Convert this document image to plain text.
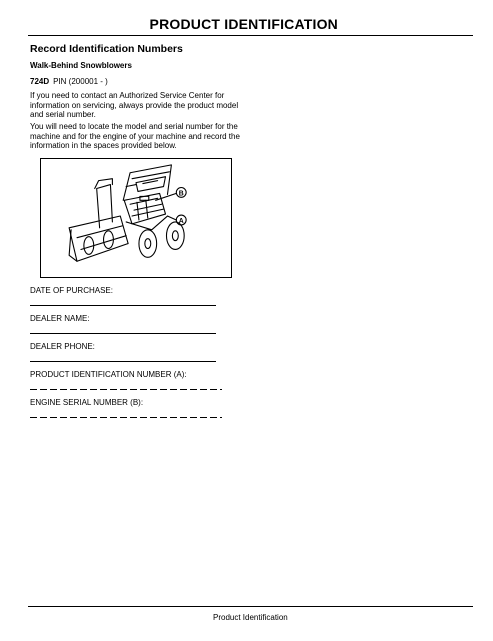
PRODUCT IDENTIFICATION
Record Identification Numbers
Walk-Behind Snowblowers
724D PIN (200001 - )

If you need to contact an Authorized Service Center for information on servicing, always provide the product model and serial number.

You will need to locate the model and serial number for the machine and for the engine of your machine and record the information in the spaces provided below.

B
A
DATE OF PURCHASE:
DEALER NAME:
DEALER PHONE:
PRODUCT IDENTIFICATION NUMBER (A):
ENGINE SERIAL NUMBER (B):
Product Identification
